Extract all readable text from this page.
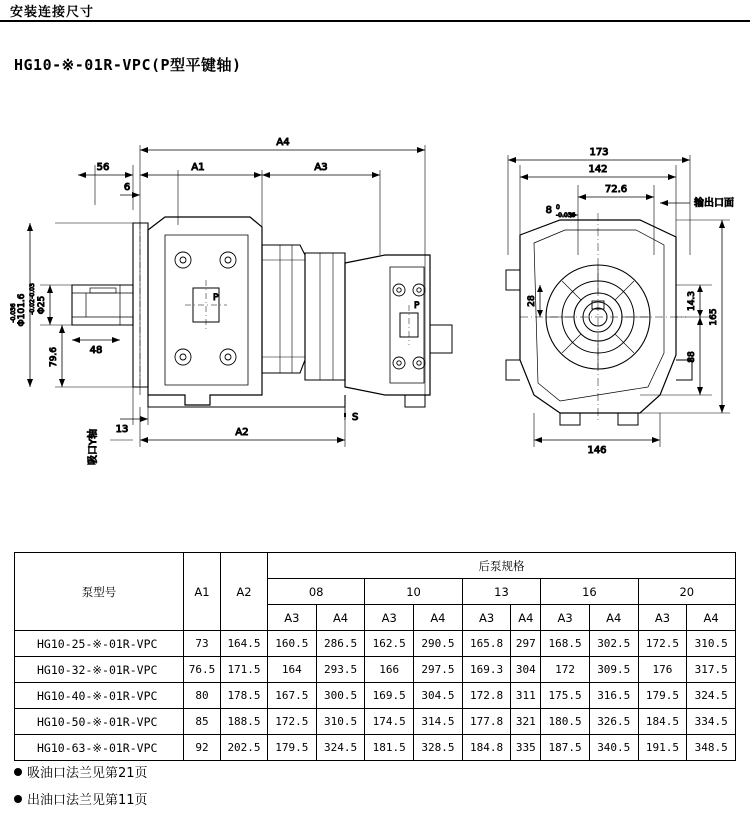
安装连接尺寸
HG10-※-01R-VPC(P型平键轴)
A4
A1	A3
56
6
P
P
Φ25
-0.02
-0.03
Φ101.6
-0.036
79.6	48
13	A2
S
吸口Y轴
173
142
72.6
8 0
-0.036
输出口面
14.3
165
88
28
146
泵型号	A1	A2	后泵规格									
			08		10		13		16		20	
			A3	A4	A3	A4	A3	A4	A3	A4	A3	A4
HG10-25-※-01R-VPC	73	164.5	160.5	286.5	162.5	290.5	165.8	297	168.5	302.5	172.5	310.5
HG10-32-※-01R-VPC	76.5	171.5	164	293.5	166	297.5	169.3	304	172	309.5	176	317.5
HG10-40-※-01R-VPC	80	178.5	167.5	300.5	169.5	304.5	172.8	311	175.5	316.5	179.5	324.5
HG10-50-※-01R-VPC	85	188.5	172.5	310.5	174.5	314.5	177.8	321	180.5	326.5	184.5	334.5
HG10-63-※-01R-VPC	92	202.5	179.5	324.5	181.5	328.5	184.8	335	187.5	340.5	191.5	348.5
吸油口法兰见第21页
出油口法兰见第11页
